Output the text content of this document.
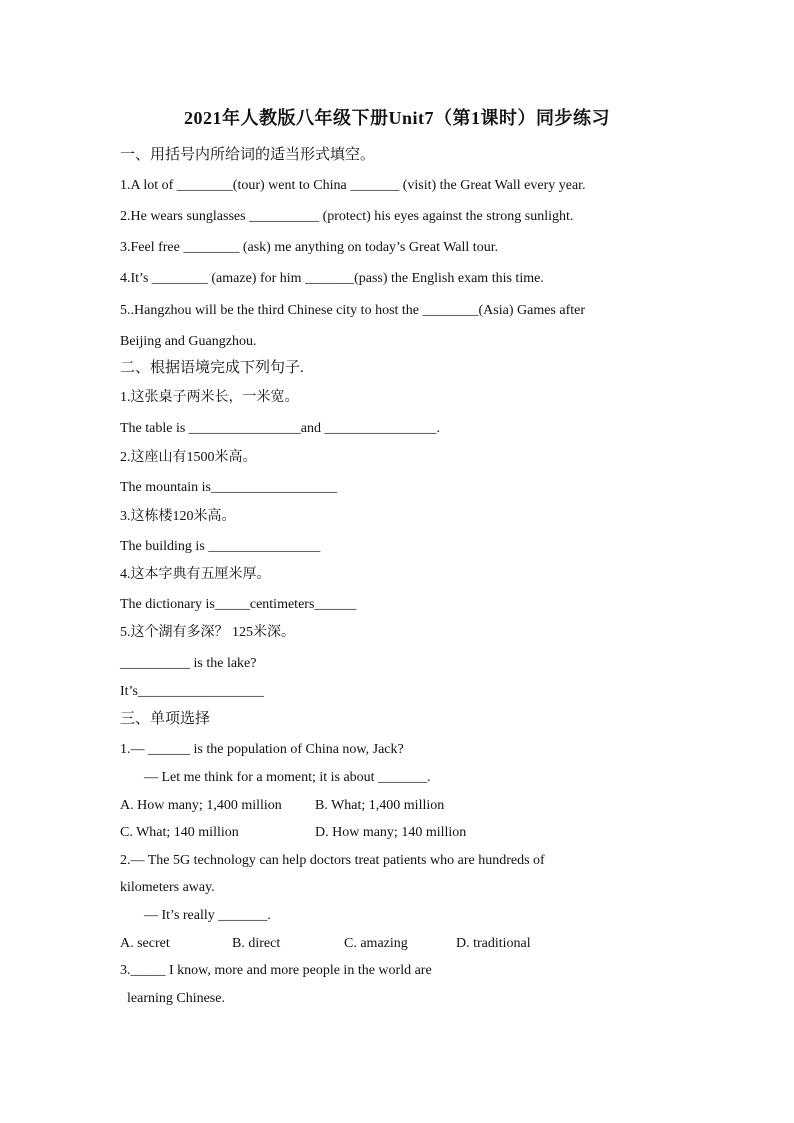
2021年人教版八年级下册Unit7（第1课时）同步练习
一、用括号内所给词的适当形式填空。
1.A lot of ________(tour) went to China _______ (visit) the Great Wall every year.
2.He wears sunglasses __________ (protect) his eyes against the strong sunlight.
3.Feel free ________ (ask) me anything on today’s Great Wall tour.
4.It’s ________ (amaze) for him _______(pass) the English exam this time.
5..Hangzhou will be the third Chinese city to host the ________(Asia) Games after
Beijing and Guangzhou.
二、根据语境完成下列句子.
1.这张桌子两米长，一米宽。
The table is ________________and ________________.
2.这座山有1500米高。
The mountain is__________________
3.这栋楼120米高。
The building is ________________
4.这本字典有五厘米厚。
The dictionary is_____centimeters______
5.这个湖有多深？ 125米深。
__________ is the lake?
It’s__________________
三、单项选择
1.— ______ is the population of China now, Jack?
— Let me think for a moment; it is about _______.
A. How many; 1,400 million B. What; 1,400 million
C. What; 140 million	D. How many; 140 million
2.— The 5G technology can help doctors treat patients who are hundreds of
kilometers away.
— It’s really _______.
A. secret	B. direct	C. amazing	D. traditional
3._____ I know, more and more people in the world are
learning Chinese.
